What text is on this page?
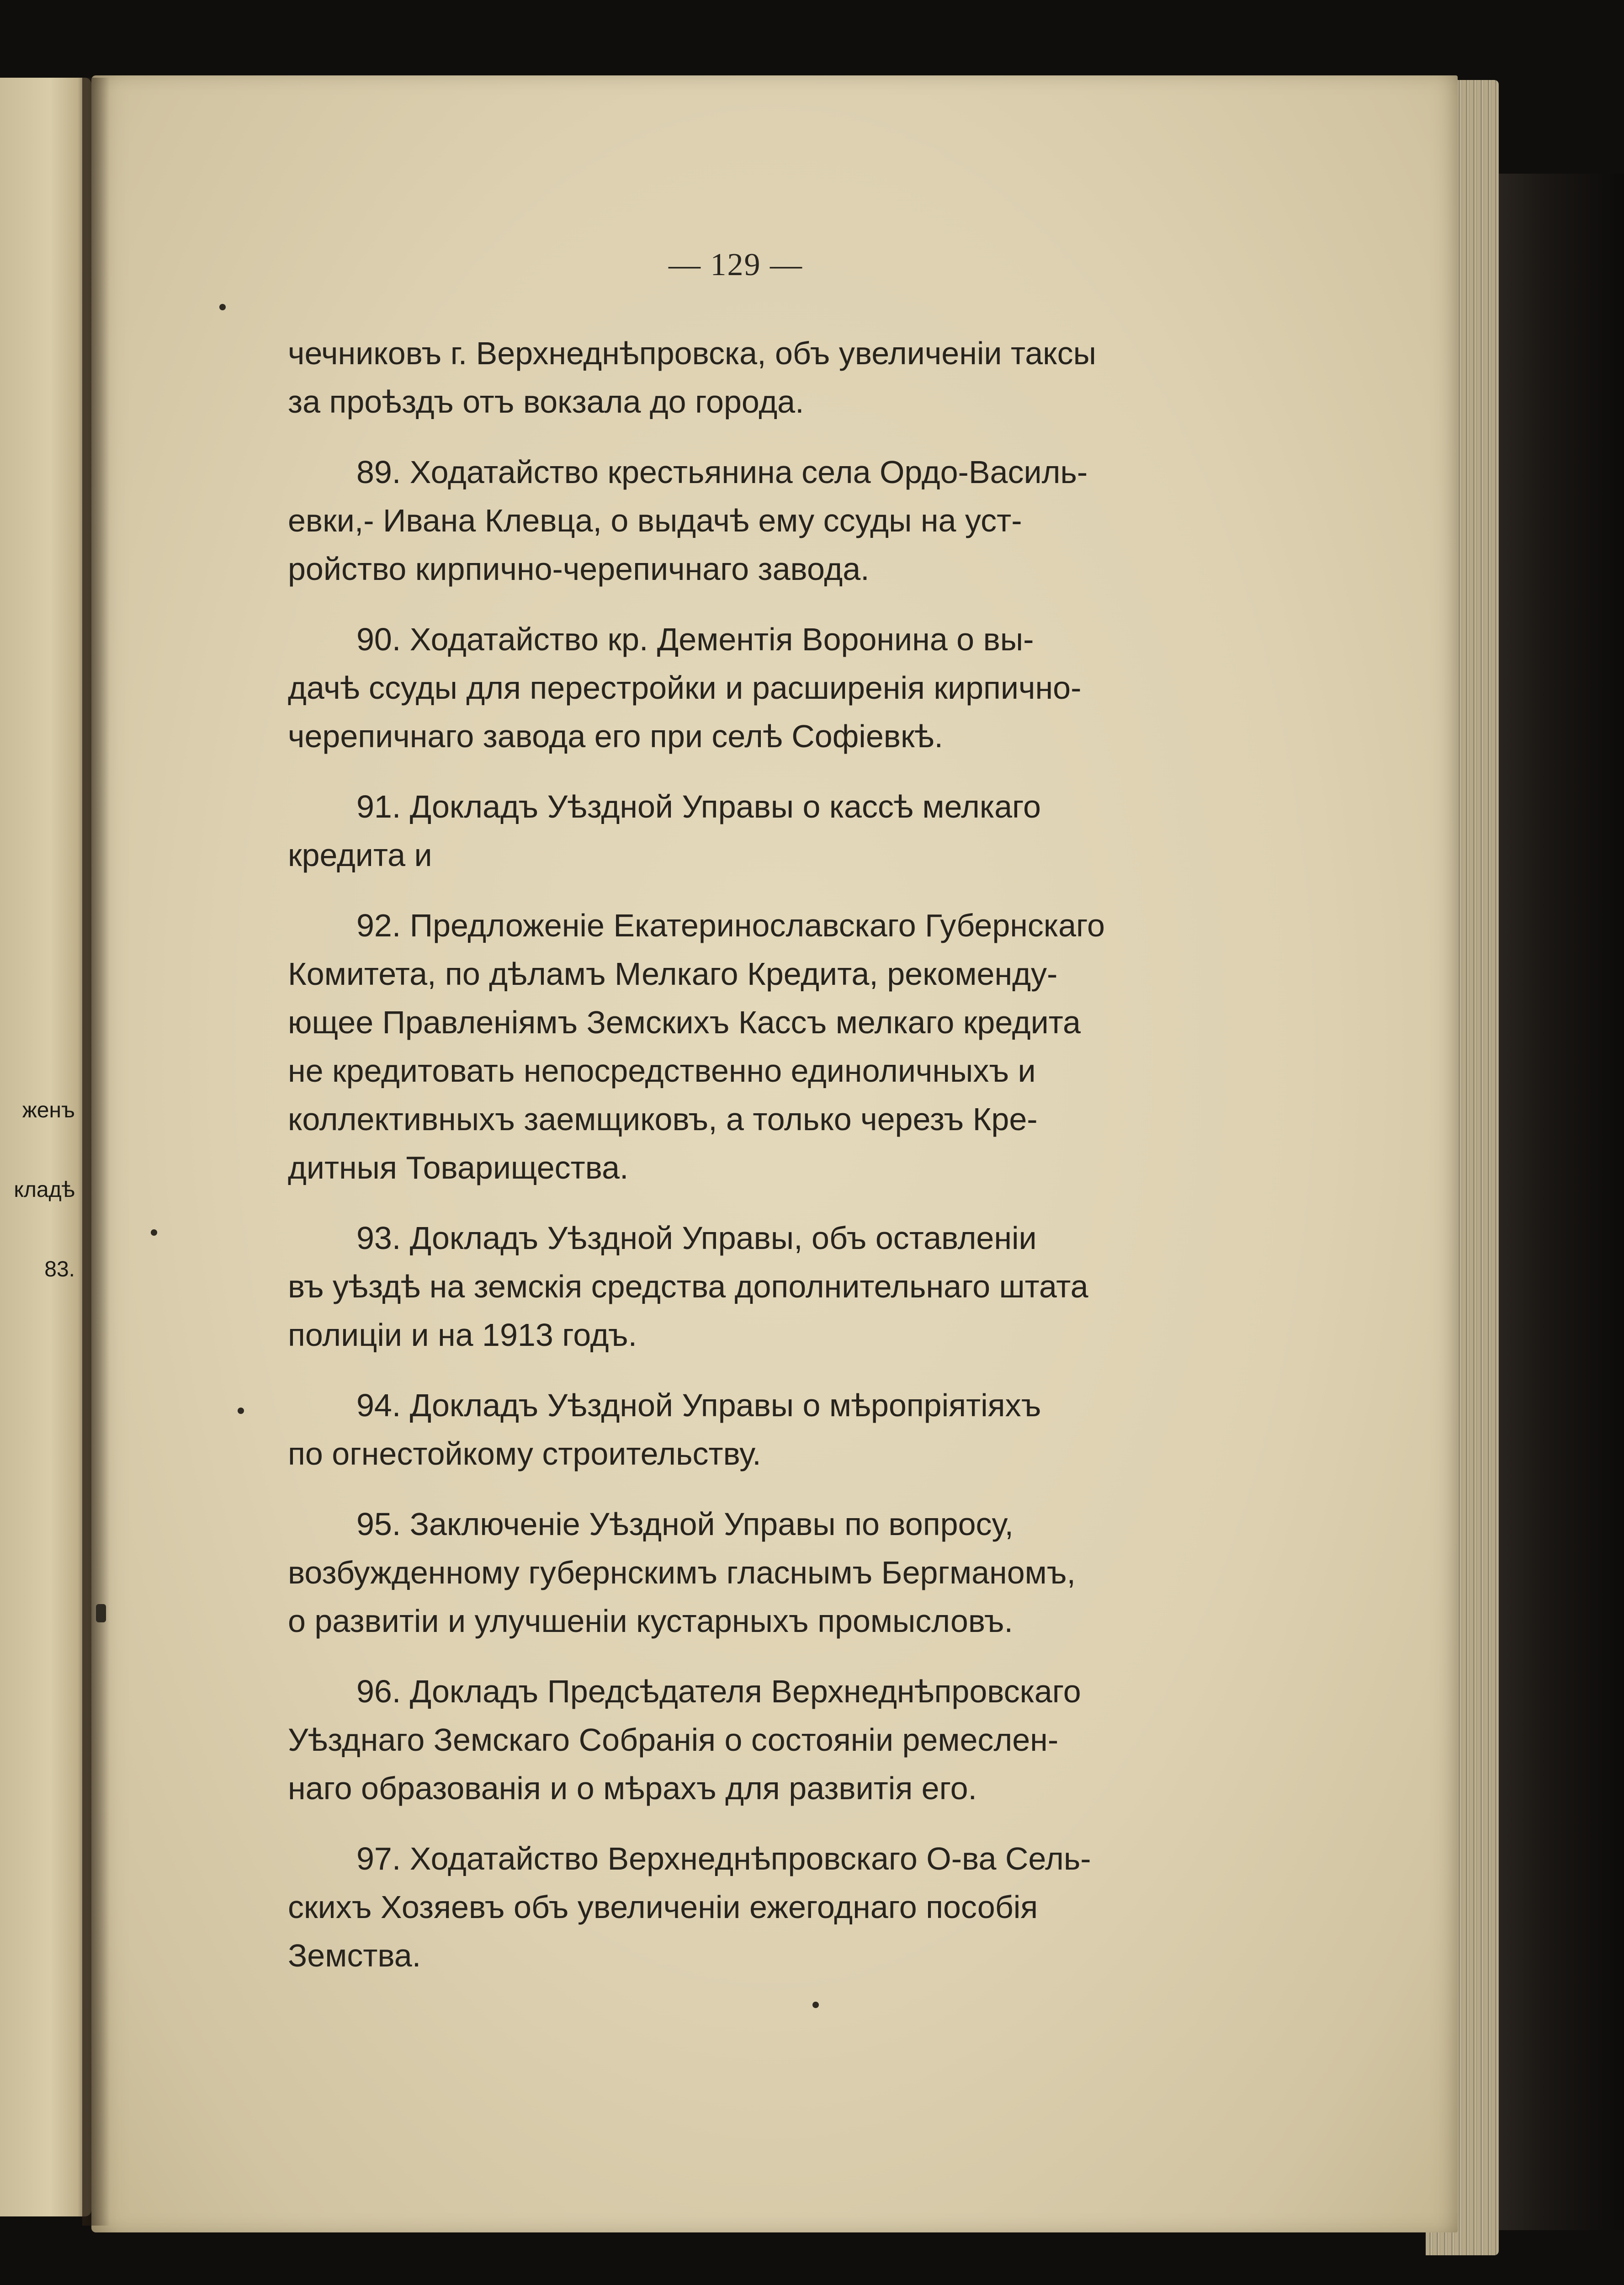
женъ

кладѣ

83.

— 129 —

чечниковъ г. Верхнеднѣпровска, объ увеличенiи таксы
за проѣздъ отъ вокзала до города.

89. Ходатайство крестьянина села Ордо-Василь-
евки,- Ивана Клевца, о выдачѣ ему ссуды на уст-
ройство кирпично-черепичнаго завода.

90. Ходатайство кр. Дементiя Воронина о вы-
дачѣ ссуды для перестройки и расширенiя кирпично-
черепичнаго завода его при селѣ Софiевкѣ.

91. Докладъ Уѣздной Управы о кассѣ мелкаго
кредита и

92. Предложенiе Екатеринославскаго Губернскаго
Комитета, по дѣламъ Мелкаго Кредита, рекоменду-
ющее Правленiямъ Земскихъ Кассъ мелкаго кредита
не кредитовать непосредственно единоличныхъ и
коллективныхъ заемщиковъ, а только черезъ Кре-
дитныя Товарищества.

93. Докладъ Уѣздной Управы, объ оставленiи
въ уѣздѣ на земскiя средства дополнительнаго штата
полицiи и на 1913 годъ.

94. Докладъ Уѣздной Управы о мѣропрiятiяхъ
по огнестойкому строительству.

95. Заключенiе Уѣздной Управы по вопросу,
возбужденному губернскимъ гласнымъ Бергманомъ,
о развитiи и улучшенiи кустарныхъ промысловъ.

96. Докладъ Предсѣдателя Верхнеднѣпровскаго
Уѣзднаго Земскаго Собранiя о состоянiи ремеслен-
наго образованiя и о мѣрахъ для развитiя его.

97. Ходатайство Верхнеднѣпровскаго О-ва Сель-
скихъ Хозяевъ объ увеличенiи ежегоднаго пособiя
Земства.
